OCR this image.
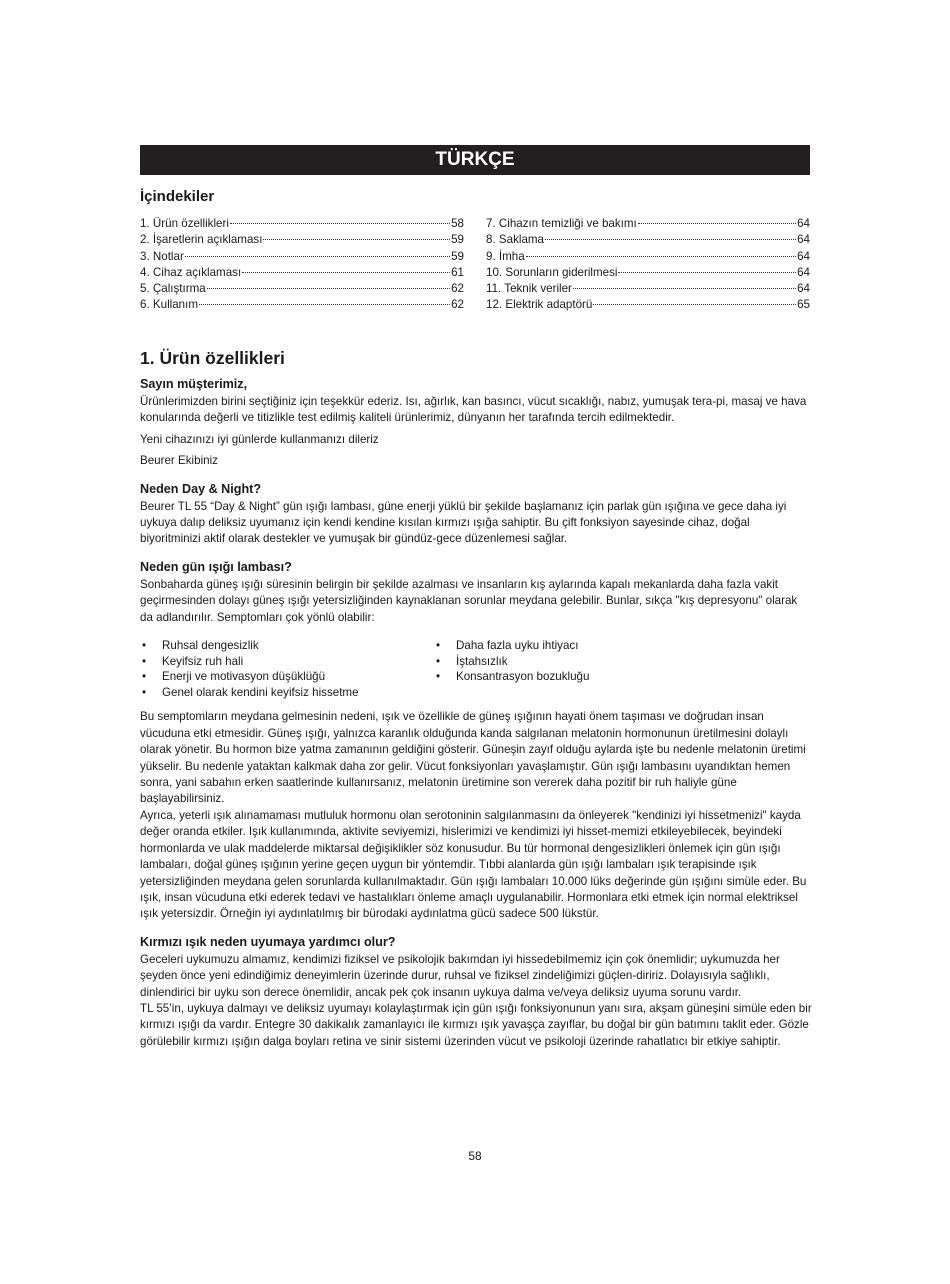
TÜRKÇE
İçindekiler
1. Ürün özellikleri	58
2. İşaretlerin açıklaması	59
3. Notlar	59
4. Cihaz açıklaması	61
5. Çalıştırma	62
6. Kullanım	62
7. Cihazın temizliği ve bakımı	64
8. Saklama	64
9. İmha	64
10. Sorunların giderilmesi	64
11. Teknik veriler	64
12. Elektrik adaptörü	65
1. Ürün özellikleri
Sayın müşterimiz,

Ürünlerimizden birini seçtiğiniz için teşekkür ederiz. Isı, ağırlık, kan basıncı, vücut sıcaklığı, nabız, yumuşak tera-pi, masaj ve hava konularında değerli ve titizlikle test edilmiş kaliteli ürünlerimiz, dünyanın her tarafında tercih edilmektedir.

Yeni cihazınızı iyi günlerde kullanmanızı dileriz

Beurer Ekibiniz

Neden Day & Night?

Beurer TL 55 “Day & Night” gün ışığı lambası, güne enerji yüklü bir şekilde başlamanız için parlak gün ışığına ve gece daha iyi uykuya dalıp deliksiz uyumanız için kendi kendine kısılan kırmızı ışığa sahiptir. Bu çift fonksiyon sayesinde cihaz, doğal biyoritminizi aktif olarak destekler ve yumuşak bir gündüz-gece düzenlemesi sağlar.

Neden gün ışığı lambası?

Sonbaharda güneş ışığı süresinin belirgin bir şekilde azalması ve insanların kış aylarında kapalı mekanlarda daha fazla vakit geçirmesinden dolayı güneş ışığı yetersizliğinden kaynaklanan sorunlar meydana gelebilir. Bunlar, sıkça "kış depresyonu" olarak da adlandırılır. Semptomları çok yönlü olabilir:

• Ruhsal dengesizlik
• Keyifsiz ruh hali
• Enerji ve motivasyon düşüklüğü
• Genel olarak kendini keyifsiz hissetme
• Daha fazla uyku ihtiyacı
• İştahsızlık
• Konsantrasyon bozukluğu

Bu semptomların meydana gelmesinin nedeni, ışık ve özellikle de güneş ışığının hayati önem taşıması ve doğrudan insan vücuduna etki etmesidir. Güneş ışığı, yalnızca karanlık olduğunda kanda salgılanan melatonin hormonunun üretilmesini dolaylı olarak yönetir. Bu hormon bize yatma zamanının geldiğini gösterir. Güneşin zayıf olduğu aylarda işte bu nedenle melatonin üretimi yükselir. Bu nedenle yataktan kalkmak daha zor gelir. Vücut fonksiyonları yavaşlamıştır. Gün ışığı lambasını uyandıktan hemen sonra, yani sabahın erken saatlerinde kullanırsanız, melatonin üretimine son vererek daha pozitif bir ruh haliyle güne başlayabilirsiniz.

Ayrıca, yeterli ışık alınamaması mutluluk hormonu olan serotoninin salgılanmasını da önleyerek "kendinizi iyi hissetmenizi" kayda değer oranda etkiler. Işık kullanımında, aktivite seviyemizi, hislerimizi ve kendimizi iyi hisset-memizi etkileyebilecek, beyindeki hormonlarda ve ulak maddelerde miktarsal değişiklikler söz konusudur. Bu tür hormonal dengesizlikleri önlemek için gün ışığı lambaları, doğal güneş ışığının yerine geçen uygun bir yöntemdir. Tıbbi alanlarda gün ışığı lambaları ışık terapisinde ışık yetersizliğinden meydana gelen sorunlarda kullanılmaktadır. Gün ışığı lambaları 10.000 lüks değerinde gün ışığını simüle eder. Bu ışık, insan vücuduna etki ederek tedavi ve hastalıkları önleme amaçlı uygulanabilir. Hormonlara etki etmek için normal elektriksel ışık yetersizdir. Örneğin iyi aydınlatılmış bir bürodaki aydınlatma gücü sadece 500 lükstür.

Kırmızı ışık neden uyumaya yardımcı olur?

Geceleri uykumuzu almamız, kendimizi fiziksel ve psikolojik bakımdan iyi hissedebilmemiz için çok önemlidir; uykumuzda her şeyden önce yeni edindiğimiz deneyimlerin üzerinde durur, ruhsal ve fiziksel zindeliğimizi güçlen-diririz. Dolayısıyla sağlıklı, dinlendirici bir uyku son derece önemlidir, ancak pek çok insanın uykuya dalma ve/veya deliksiz uyuma sorunu vardır.

TL 55’in, uykuya dalmayı ve deliksiz uyumayı kolaylaştırmak için gün ışığı fonksiyonunun yanı sıra, akşam güneşini simüle eden bir kırmızı ışığı da vardır. Entegre 30 dakikalık zamanlayıcı ile kırmızı ışık yavaşça zayıflar, bu doğal bir gün batımını taklit eder. Gözle görülebilir kırmızı ışığın dalga boyları retina ve sinir sistemi üzerinden vücut ve psikoloji üzerinde rahatlatıcı bir etkiye sahiptir.

58
